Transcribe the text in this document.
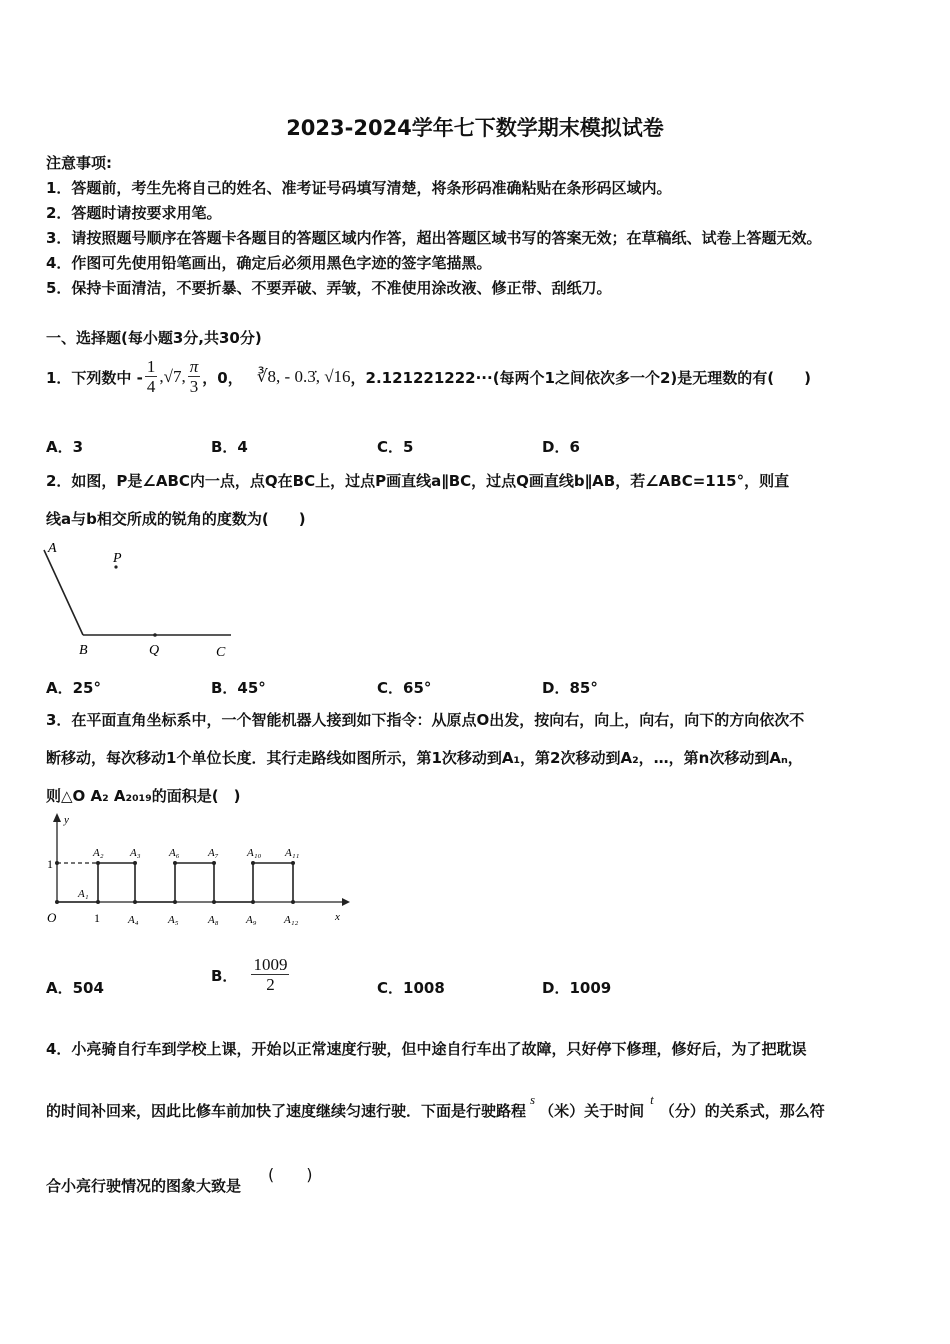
2023-2024学年七下数学期末模拟试卷
注意事项:
1．答题前，考生先将自己的姓名、准考证号码填写清楚，将条形码准确粘贴在条形码区域内。
2．答题时请按要求用笔。
3．请按照题号顺序在答题卡各题目的答题区域内作答，超出答题区域书写的答案无效；在草稿纸、试卷上答题无效。
4．作图可先使用铅笔画出，确定后必须用黑色字迹的签字笔描黑。
5．保持卡面清洁，不要折暴、不要弄破、弄皱，不准使用涂改液、修正带、刮纸刀。
一、选择题(每小题3分,共30分)
1．下列数中 - $\frac{1}{4} ,√7$, $\frac{\pi}{3}$ ，0， ∛8, - 0.3̇, √16 ，2.121221222···(每两个1之间依次多一个2)是无理数的有(　　)
A．3	B．4	C．5	D．6
2．如图，P是∠ABC内一点，点Q在BC上，过点P画直线a∥BC，过点Q画直线b∥AB，若∠ABC=115°，则直
线a与b相交所成的锐角的度数为(　　)
A
P
B	Q	C
A．25°	B．45°	C．65°	D．85°
3．在平面直角坐标系中，一个智能机器人接到如下指令：从原点O出发，按向右，向上，向右，向下的方向依次不
断移动，每次移动1个单位长度．其行走路线如图所示，第1次移动到A₁，第2次移动到A₂，…，第n次移动到Aₙ，
则△O A₂ A₂₀₁₉的面积是(　)
y
x
O
1
1
A₁
A₂ A₃
A₄	A₅
A₆	A₇
A₈ A₉
A₁₀ A₁₁
A₁₂
A．504
B． $\frac{1009}{2}$	C．1008	D．1009
4．小亮骑自行车到学校上课，开始以正常速度行驶，但中途自行车出了故障，只好停下修理，修好后，为了把耽误
的时间补回来，因此比修车前加快了速度继续匀速行驶．下面是行驶路程
s
（米） 关于时间
t
（分） 的关系式，那么符
合小亮行驶情况的图象大致是
(　　)
